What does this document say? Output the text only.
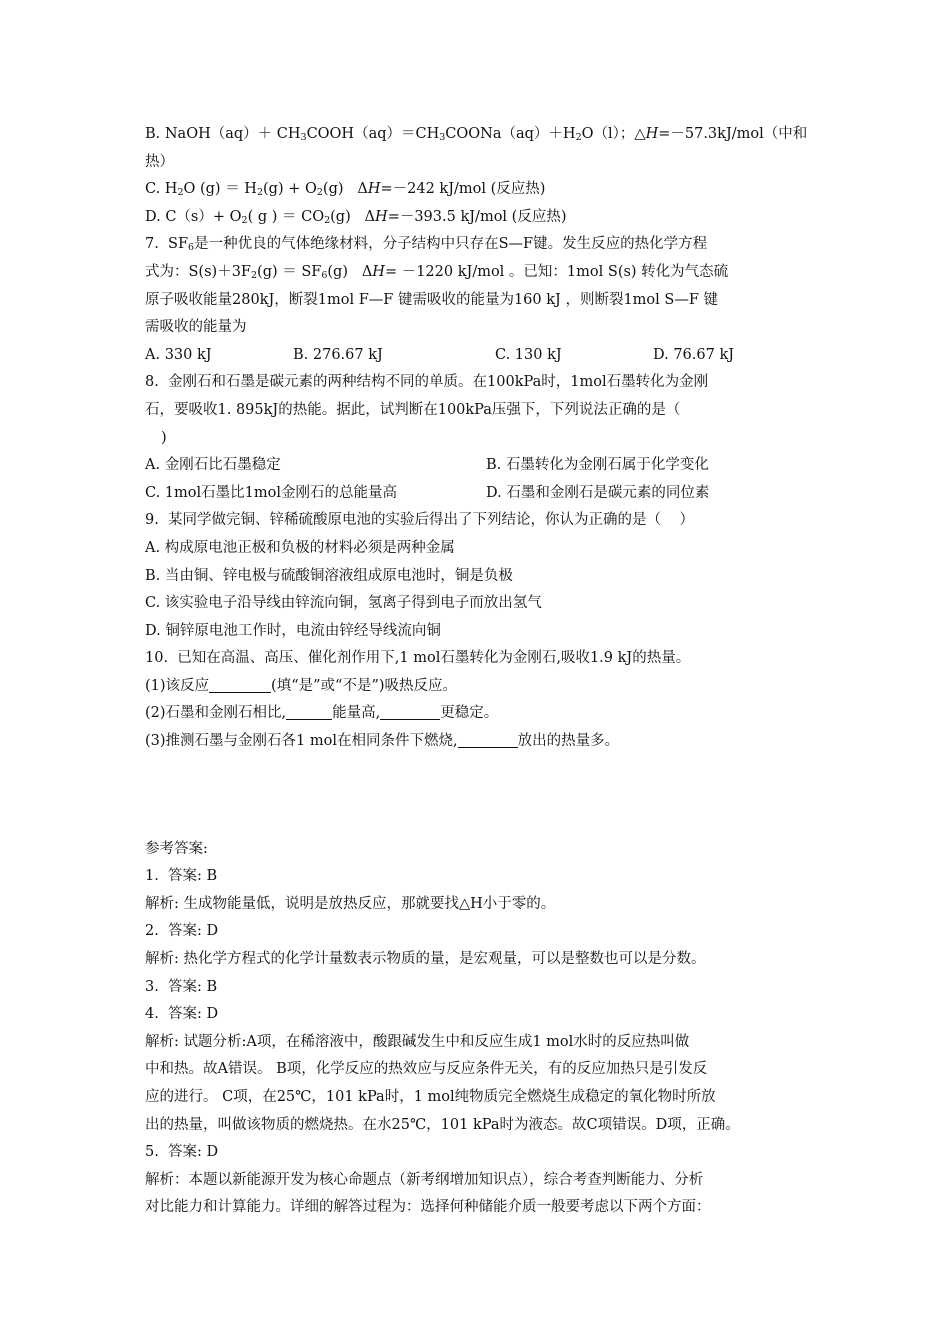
B. NaOH（aq）＋ $CH_3COOH(aq)=CH_3COONa(aq)+H_2O(l)$；△H=－57.3kJ/mol（中和
热）
C. $H_2O$ $(g) = H_2(g) + O_2(g)$   ΔH=－242 kJ/mol (反应热)
D. $C(s)+ O_2$( g ) ＝ $CO_2(g)$   ΔH=－393.5 kJ/mol (反应热)
7.  $SF_6$是一种优良的气体绝缘材料，分子结构中只存在S—F键。发生反应的热化学方程
式为：$S(s)+3F_2(g) = SF_6(g)$   ΔH= －1220 kJ/mol 。已知：1mol S(s) 转化为气态硫
原子吸收能量280kJ，断裂1mol F—F 键需吸收的能量为160 kJ ，则断裂1mol S—F 键
需吸收的能量为
A. 330 kJ	B. 276.67 kJ	C. 130 kJ	D. 76.67 kJ
8.  金刚石和石墨是碳元素的两种结构不同的单质。在100kPa时，1mol石墨转化为金刚
石，要吸收1. 895kJ的热能。据此，试判断在100kPa压强下，下列说法正确的是（
)
A. 金刚石比石墨稳定	B. 石墨转化为金刚石属于化学变化
C. 1mol石墨比1mol金刚石的总能量高	D. 石墨和金刚石是碳元素的同位素
9.  某同学做完铜、锌稀硫酸原电池的实验后得出了下列结论，你认为正确的是（    ）
A. 构成原电池正极和负极的材料必须是两种金属
B. 当由铜、锌电极与硫酸铜溶液组成原电池时，铜是负极
C. 该实验电子沿导线由锌流向铜，氢离子得到电子而放出氢气
D. 铜锌原电池工作时，电流由锌经导线流向铜
10.  已知在高温、高压、催化剂作用下,1 mol石墨转化为金刚石,吸收1.9 kJ的热量。
(1)该反应	(填“是”或“不是”)吸热反应。
(2)石墨和金刚石相比,	能量高,	更稳定。
(3)推测石墨与金刚石各1 mol在相同条件下燃烧,	放出的热量多。
参考答案:
1.  答案: B
解析: 生成物能量低，说明是放热反应，那就要找△H小于零的。
2.  答案: D
解析: 热化学方程式的化学计量数表示物质的量，是宏观量，可以是整数也可以是分数。
3.  答案: B
4.  答案: D
解析: 试题分析:A项，在稀溶液中，酸跟碱发生中和反应生成1 mol水时的反应热叫做
中和热。故A错误。 B项，化学反应的热效应与反应条件无关，有的反应加热只是引发反
应的进行。 C项，在25℃，101 kPa时，1 mol纯物质完全燃烧生成稳定的氧化物时所放
出的热量，叫做该物质的燃烧热。在水25℃，101 kPa时为液态。故C项错误。D项，正确。
5.  答案: D
解析：本题以新能源开发为核心命题点（新考纲增加知识点），综合考查判断能力、分析
对比能力和计算能力。详细的解答过程为：选择何种储能介质一般要考虑以下两个方面：
